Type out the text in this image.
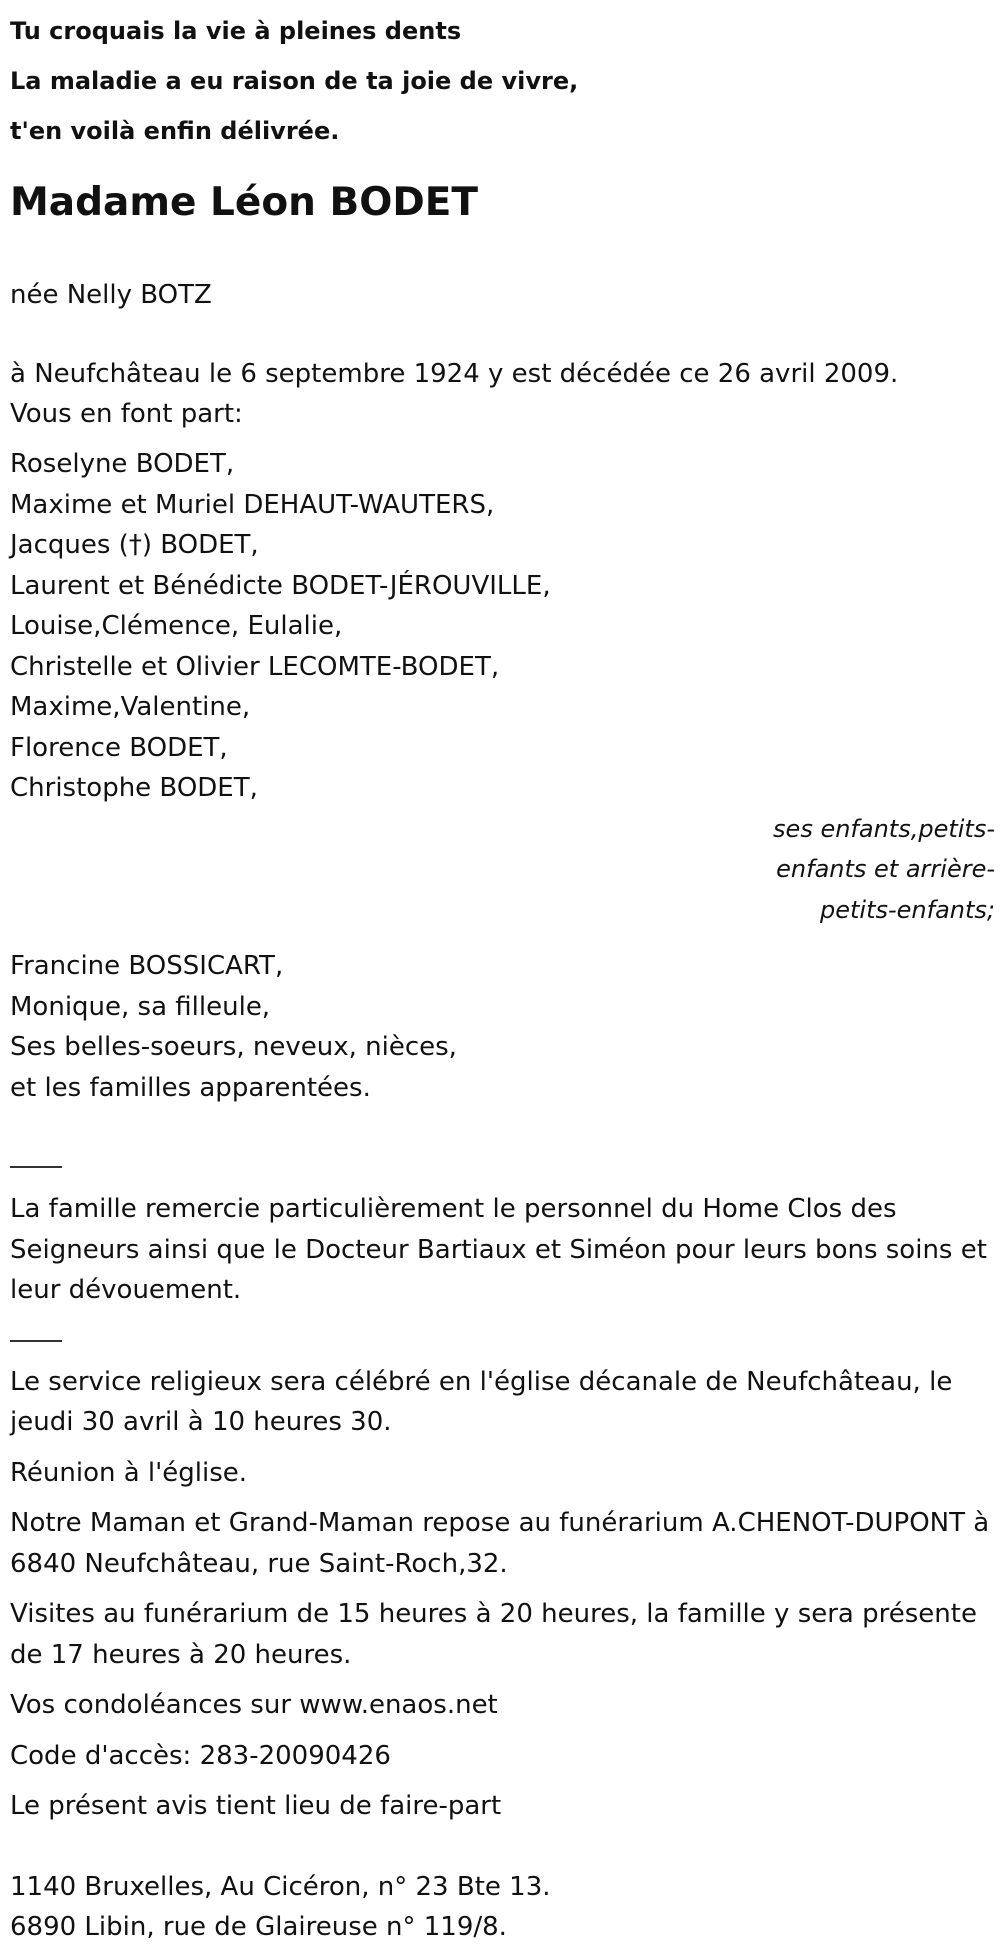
Tu croquais la vie à pleines dents
La maladie a eu raison de ta joie de vivre,
t'en voilà enfin délivrée.
Madame Léon BODET
née Nelly BOTZ
à Neufchâteau le 6 septembre 1924 y est décédée ce 26 avril 2009.
Vous en font part:
Roselyne BODET,
Maxime et Muriel DEHAUT-WAUTERS,
Jacques (†) BODET,
Laurent et Bénédicte BODET-JÉROUVILLE,
Louise,Clémence, Eulalie,
Christelle et Olivier LECOMTE-BODET,
Maxime,Valentine,
Florence BODET,
Christophe BODET,
ses enfants,petits-
enfants et arrière-
petits-enfants;
Francine BOSSICART,
Monique, sa filleule,
Ses belles-soeurs, neveux, nièces,
et les familles apparentées.

La famille remercie particulièrement le personnel du Home Clos des Seigneurs ainsi que le Docteur Bartiaux et Siméon pour leurs bons soins et leur dévouement.

Le service religieux sera célébré en l'église décanale de Neufchâteau, le jeudi 30 avril à 10 heures 30.

Réunion à l'église.

Notre Maman et Grand-Maman repose au funérarium A.CHENOT-DUPONT à 6840 Neufchâteau, rue Saint-Roch,32.

Visites au funérarium de 15 heures à 20 heures, la famille y sera présente de 17 heures à 20 heures.

Vos condoléances sur www.enaos.net

Code d'accès: 283-20090426

Le présent avis tient lieu de faire-part

1140 Bruxelles, Au Cicéron, n° 23 Bte 13.
6890 Libin, rue de Glaireuse n° 119/8.
